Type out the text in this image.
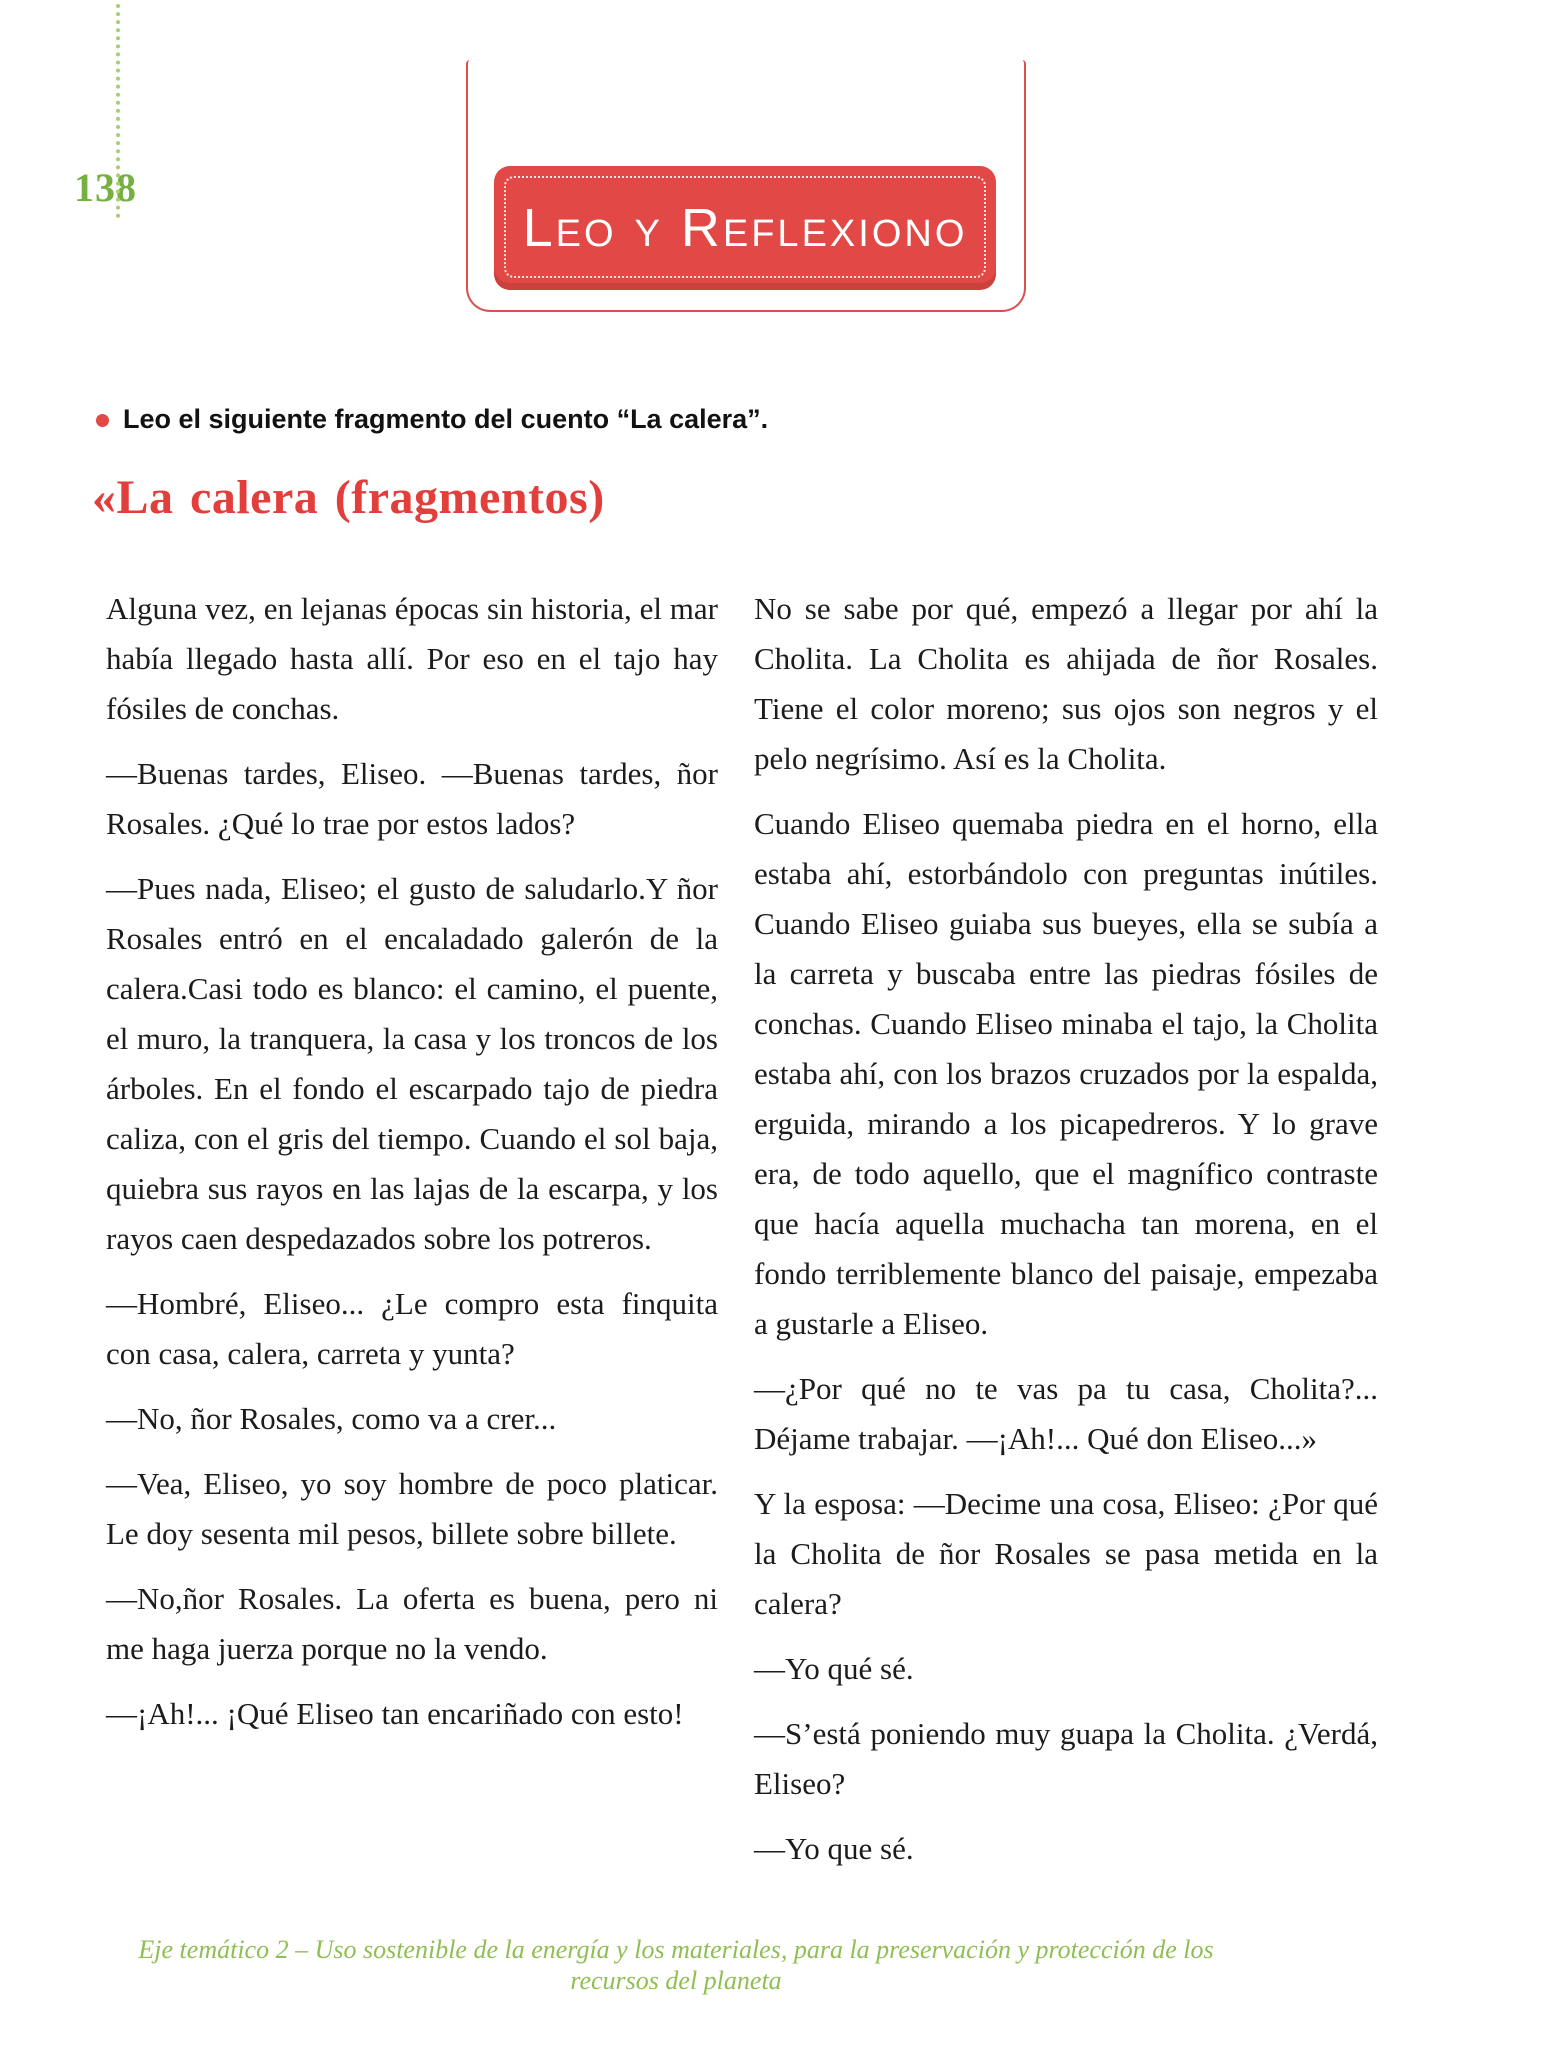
138
Leo y Reflexiono
Leo el siguiente fragmento del cuento “La calera”.
«La calera (fragmentos)

Alguna vez, en lejanas épocas sin historia, el mar había llegado hasta allí. Por eso en el tajo hay fósiles de conchas.

—Buenas tardes, Eliseo. —Buenas tardes, ñor Rosales. ¿Qué lo trae por estos lados?

—Pues nada, Eliseo; el gusto de saludarlo.Y ñor Rosales entró en el encaladado galerón de la calera.Casi todo es blanco: el camino, el puente, el muro, la tranquera, la casa y los troncos de los árboles. En el fondo el escarpado tajo de piedra caliza, con el gris del tiempo. Cuando el sol baja, quiebra sus rayos en las lajas de la escarpa, y los rayos caen despedazados sobre los potreros.

—Hombré, Eliseo... ¿Le compro esta finquita con casa, calera, carreta y yunta?

—No, ñor Rosales, como va a crer...

—Vea, Eliseo, yo soy hombre de poco platicar. Le doy sesenta mil pesos, billete sobre billete.

—No,ñor Rosales. La oferta es buena, pero ni me haga juerza porque no la vendo.

—¡Ah!... ¡Qué Eliseo tan encariñado con esto!

No se sabe por qué, empezó a llegar por ahí la Cholita. La Cholita es ahijada de ñor Rosales. Tiene el color moreno; sus ojos son negros y el pelo negrísimo. Así es la Cholita.

Cuando Eliseo quemaba piedra en el horno, ella estaba ahí, estorbándolo con preguntas inútiles. Cuando Eliseo guiaba sus bueyes, ella se subía a la carreta y buscaba entre las piedras fósiles de conchas. Cuando Eliseo minaba el tajo, la Cholita estaba ahí, con los brazos cruzados por la espalda, erguida, mirando a los picapedreros. Y lo grave era, de todo aquello, que el magnífico contraste que hacía aquella muchacha tan morena, en el fondo terriblemente blanco del paisaje, empezaba a gustarle a Eliseo.

—¿Por qué no te vas pa tu casa, Cholita?... Déjame trabajar. —¡Ah!... Qué don Eliseo...»

Y la esposa: —Decime una cosa, Eliseo: ¿Por qué la Cholita de ñor Rosales se pasa metida en la calera?

—Yo qué sé.

—S’está poniendo muy guapa la Cholita. ¿Verdá, Eliseo?

—Yo que sé.

Eje temático 2 – Uso sostenible de la energía y los materiales, para la preservación y protección de los recursos del planeta
